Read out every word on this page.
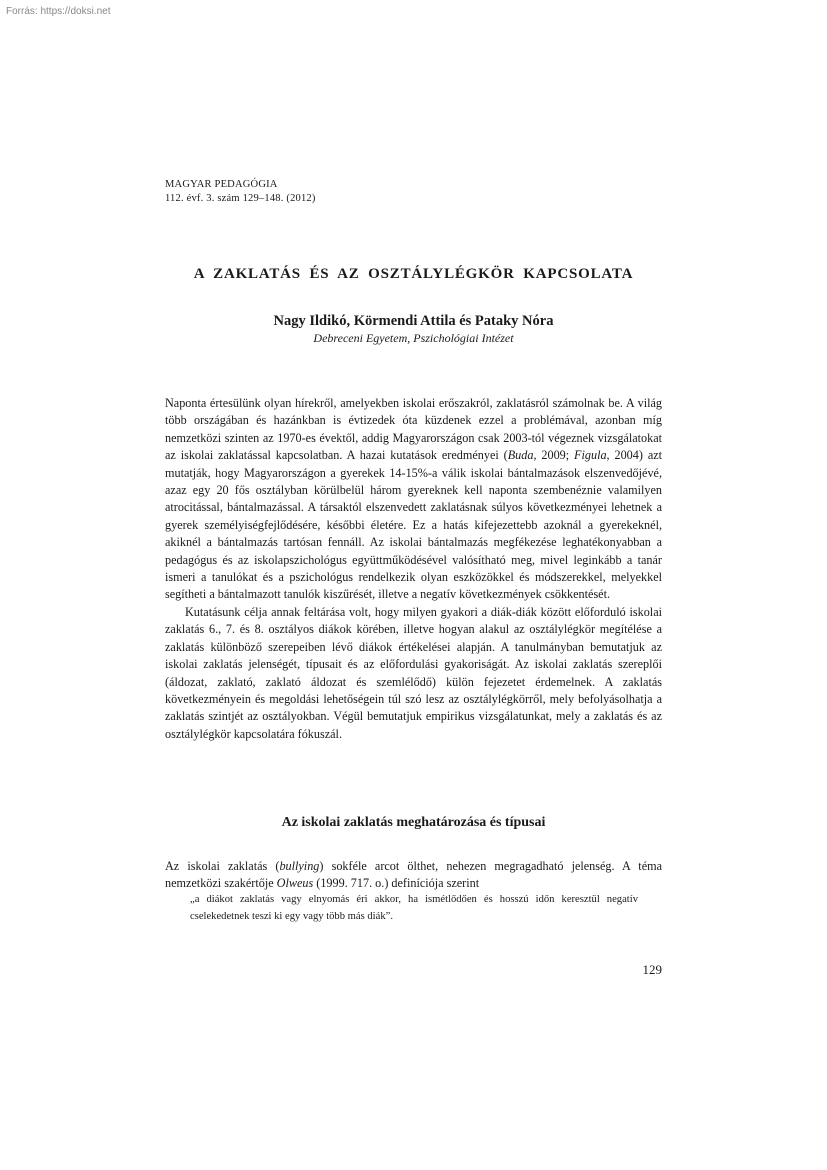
Forrás: https://doksi.net
MAGYAR PEDAGÓGIA
112. évf. 3. szám 129–148. (2012)
A ZAKLATÁS ÉS AZ OSZTÁLYLÉGKÖR KAPCSOLATA
Nagy Ildikó, Körmendi Attila és Pataky Nóra
Debreceni Egyetem, Pszichológiai Intézet

Naponta értesülünk olyan hírekről, amelyekben iskolai erőszakról, zaklatásról számolnak be. A világ több országában és hazánkban is évtizedek óta küzdenek ezzel a problémával, azonban míg nemzetközi szinten az 1970-es évektől, addig Magyarországon csak 2003-tól végeznek vizsgálatokat az iskolai zaklatással kapcsolatban. A hazai kutatások eredményei (Buda, 2009; Figula, 2004) azt mutatják, hogy Magyarországon a gyerekek 14-15%-a válik iskolai bántalmazások elszenvedőjévé, azaz egy 20 fős osztályban körülbelül három gyereknek kell naponta szembenéznie valamilyen atrocitással, bántalmazással. A társaktól elszenvedett zaklatásnak súlyos következményei lehetnek a gyerek személyiségfejlődésére, későbbi életére. Ez a hatás kifejezettebb azoknál a gyerekeknél, akiknél a bántalmazás tartósan fennáll. Az iskolai bántalmazás megfékezése leghatékonyabban a pedagógus és az iskolapszichológus együttműködésével valósítható meg, mivel leginkább a tanár ismeri a tanulókat és a pszichológus rendelkezik olyan eszközökkel és módszerekkel, melyekkel segítheti a bántalmazott tanulók kiszűrését, illetve a negatív következmények csökkentését.

Kutatásunk célja annak feltárása volt, hogy milyen gyakori a diák-diák között előforduló iskolai zaklatás 6., 7. és 8. osztályos diákok körében, illetve hogyan alakul az osztálylégkör megítélése a zaklatás különböző szerepeiben lévő diákok értékelései alapján. A tanulmányban bemutatjuk az iskolai zaklatás jelenségét, típusait és az előfordulási gyakoriságát. Az iskolai zaklatás szereplői (áldozat, zaklató, zaklató áldozat és szemlélődő) külön fejezetet érdemelnek. A zaklatás következményein és megoldási lehetőségein túl szó lesz az osztálylégkörről, mely befolyásolhatja a zaklatás szintjét az osztályokban. Végül bemutatjuk empirikus vizsgálatunkat, mely a zaklatás és az osztálylégkör kapcsolatára fókuszál.

Az iskolai zaklatás meghatározása és típusai

Az iskolai zaklatás (bullying) sokféle arcot ölthet, nehezen megragadható jelenség. A téma nemzetközi szakértője Olweus (1999. 717. o.) definíciója szerint

„a diákot zaklatás vagy elnyomás éri akkor, ha ismétlődően és hosszú időn keresztül negatív cselekedetnek teszi ki egy vagy több más diák”.
129
